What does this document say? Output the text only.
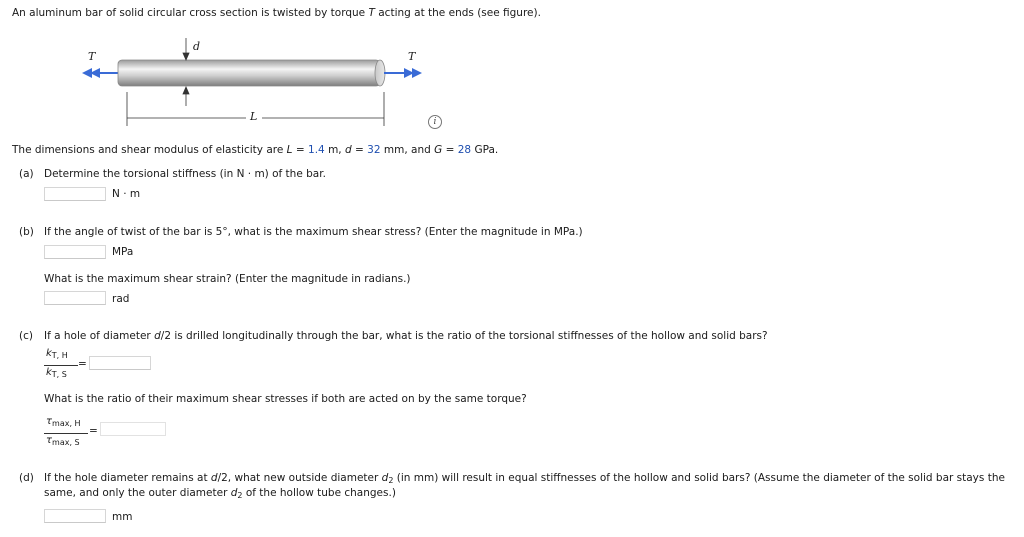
An aluminum bar of solid circular cross section is twisted by torque T acting at the ends (see figure).
T	T
d
L	i
The dimensions and shear modulus of elasticity are L = 1.4 m, d = 32 mm, and G = 28 GPa.
(a) Determine the torsional stiffness (in N · m) of the bar.
N · m
(b) If the angle of twist of the bar is 5°, what is the maximum shear stress? (Enter the magnitude in MPa.)
MPa
What is the maximum shear strain? (Enter the magnitude in radians.)
rad
(c) If a hole of diameter d/2 is drilled longitudinally through the bar, what is the ratio of the torsional stiffnesses of the hollow and solid bars?
$k_{T, H}$
$k_{T, S}$
=
What is the ratio of their maximum shear stresses if both are acted on by the same torque?
$\tau_{max, H}$
$\tau_{max, S}$
=
(d) If the hole diameter remains at d/2, what new outside diameter $d_2$ (in mm) will result in equal stiffnesses of the hollow and solid bars? (Assume the diameter of the solid bar stays the
same, and only the outer diameter $d_2$ of the hollow tube changes.)
mm
